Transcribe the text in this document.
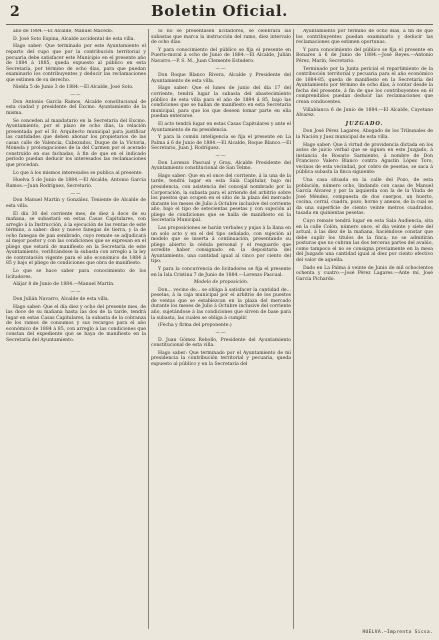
2	Boletin Oficial.

año de 1884.—El Alcalde, Manuel Macedo.

D. José Soto Espina, Alcalde accidental de esta villa.

Hago saber: Que terminado por este Ayuntamiento el reparto del cupo que por la contribución territorial y pecuaria debe satisfacer este Municipio en el presente año de 1884 á 1885, queda expuesto al público en esta Secretaría, por término de ocho días, para que puedan examinarlo los contribuyentes y deducir las reclamaciones que estimen de su derecho.

Niebla 5 de Junio 3 de 1884.—El Alcalde, José Soto.

——

Don Antonio García Ramos, Alcalde constitucional de esta ciudad y presidente del Excmo. Ayuntamiento de la misma.

Se conceden al mandatario en la Secretaría del Excmo. Ayuntamiento, por el plazo de ocho días, la relación presentada por el Sr. Arquitecto municipal para justificar las cantidades que deben abonar los propietarios de las casas calle de Valencia, Cabezudos, Duque de la Victoria, Moneda y prolongaciones de la del Carmen por el acerado construido en sus fachadas, á fin de que en el indicado período puedan deducir los interesados las reclamaciones que procedan.

Lo que á los mismos interesados se publica al presente.

Huelva 5 de Junio de 1884.—El Alcalde, Antonio García Ramos.—Juan Rodríguez, Secretario.

——

Don Manuel Martín y González, Teniente de Alcalde de esta villa.

El día 30 del corriente mes, de diez á doce de su mañana, se subastará en estas Casas Capitulares, con arreglo á la Instrucción, á la ejecución de las rentas de este término, a saber: diez y nueve fanegas de tierra, y la de ocho fanegas de pan sembrado, cuyo remate se adjudicará al mejor postor y con las condiciones que se expresan en el pliego que estará de manifiesto en la Secretaría de este Ayuntamiento, verificándose la subasta con arreglo a la ley de contratación vigente para el año económico de 1884 á 85 y bajo el pliego de condiciones que obra de manifiesto.

Lo que se hace saber para conocimiento de los licitadores.

Alájar 8 de Junio de 1884.—Manuel Martín.

——

Don Julián Navarro, Alcalde de esta villa.

Hago saber: Que el día diez y ocho del presente mes, de las doce de su mañana hasta las dos de la tarde, tendrá lugar en estas Casas Capitulares, la subasta de la cobranza de los ramos de consumos y sus recargos para el año económico de 1884 á 85, con arreglo á las condiciones que constan del expediente que se haya de manifiesto en la Secretaría del Ayuntamiento.

Si no se presentasen licitadores, se celebrará las subastas que marca la instrucción del ramo, diez intervalo de ocho días.

Y para conocimiento del público se fija el presente en Puerto-moral á ocho de Junio de 1884.—El Alcalde, Julián Navarro.—P. S. M., Juan Clemente Estudero.

——

Don Roque Blanco Rivera, Alcalde y Presidente del Ayuntamiento de esta villa.

Hago saber: Que el lunes de junio del día 17 del corriente, tendrá lugar la subasta del abastecimiento público de esta villa para el año de 1884 á 85, bajo las condiciones que se hallan de manifiesto en esta Secretaría municipal, para que los que deseen tomar parte en ella puedan enterarse.

El acto tendrá lugar en estas Casas Capitulares y ante el Ayuntamiento de mi presidencia.

Y para la común inteligencia se fija el presente en La Palma á 6 de Junio de 1884.—El Alcalde, Roque Blanco.—El Secretario, Juan J. Rodríguez.

——

Don Lorenzo Pascual y Grau, Alcalde Presidente del Ayuntamiento constitucional de San Telmo.

Hago saber: Que en el once del corriente, á la una de la tarde, tendrá lugar en esta Sala Capitular, bajo mi presidencia, con asistencia del concejal nombrado por la Corporación, la subasta para el arriendo del arbitrio sobre los puestos que ocupen en el sitio de la plaza del mercado durante los meses de Julio á Octubre inclusive del corriente año, bajo el tipo de setecientas pesetas y con sujeción al pliego de condiciones que se halla de manifiesto en la Secretaría Municipal.

Las proposiciones se harán verbales y pujas á la llana en un solo acto y en el del tipo señalado, con sujeción al modelo que se inserta á continuación, presentando su pliego abierto la cédula personal y el resguardo que acredite haber consignado en la depositaria del Ayuntamiento, una cantidad igual al cinco por ciento del tipo.

Y para la concurrencia de licitadores se fija el presente en la Isla Cristina 7 de Junio de 1884.—Lorenzo Pascual.

Modelo de proposición.

Don... vecino de... se obliga á satisfacer la cantidad de... pesetas, á la caja municipal por el arbitrio de los puestos de ventas que se establezcan en la plaza del mercado durante los meses de Julio á Octubre inclusive del corriente año, sujetándose á las condiciones que sirven de base para la subasta, las cuales se obliga á cumplir.

(Fecha y firma del proponente.)

——

D. Juan Gómez Rebollo, Presidente del Ayuntamiento constitucional de esta villa.

Hago saber: Que terminado por el Ayuntamiento de mi presidencia la contribución territorial y pecuaria, queda expuesto al público y en la Secretaría del

Ayuntamiento por término de ocho días, á fin de que los contribuyentes puedan examinarlo y deducir las reclamaciones que estimen oportunas.

Y para conocimiento del público se fija el presente en Bonares á 6 de Junio de 1884.—José Reyes.—Antonio Pérez, Marín, Secretario.

Terminado por la Junta pericial el repartimiento de la contribución territorial y pecuaria para el año económico de 1884-85, queda de manifiesto en la Secretaría del Ayuntamiento por término de ocho días, á contar desde la fecha del presente, á fin de que los contribuyentes en él comprendidos puedan deducir las reclamaciones que crean conducentes.

Villablanca 6 de Junio de 1884.—El Alcalde, Cayetano Álvarez.

JUZGADO.

Don José Pérez Lagares, Abogado de los Tribunales de la Nación y Juez municipal de esta villa.

Hago saber: Que á virtud de providencia dictada en los autos de juicio verbal que se siguen en este Juzgado, á instancia de Rosario Sarmiento, á nombre de Don Francisco Valero Blanco contra Agustín López Toro, vecinos de esta vecindad, por cobro de pesetas, se saca á pública subasta la finca siguiente:

Una casa situada en la calle del Pozo, de esta población, número ocho, lindando con casas de Manuel García Álvarez y por la izquierda con la de la Viuda de José Méndez, compuesta de dos cuerpos, un huerto, cocina, corral, cuadra, pozo, horno y anexos, de la cual se da una superficie de ciento veinte metros cuadrados, tasada en quinientas pesetas.

Cuyo remate tendrá lugar en esta Sala Audiencia, sita en la calle Colón, número once, el día veinte y siete del actual, á las diez de la mañana, haciéndose constar que debe suplir los títulos de la finca; no se admitirán posturas que no cubran las dos terceras partes del avalúo, como tampoco el no se consigna previamente en la mesa del Juzgado una cantidad igual al diez por ciento efectivo del valor de aquella.

Dado en La Palma á veinte de Junio de mil ochocientos ochenta y cuatro.—José Pérez Lagares.—Ante mí, José García Pichardo.

HUELVA.—Imprenta Sicsa.
